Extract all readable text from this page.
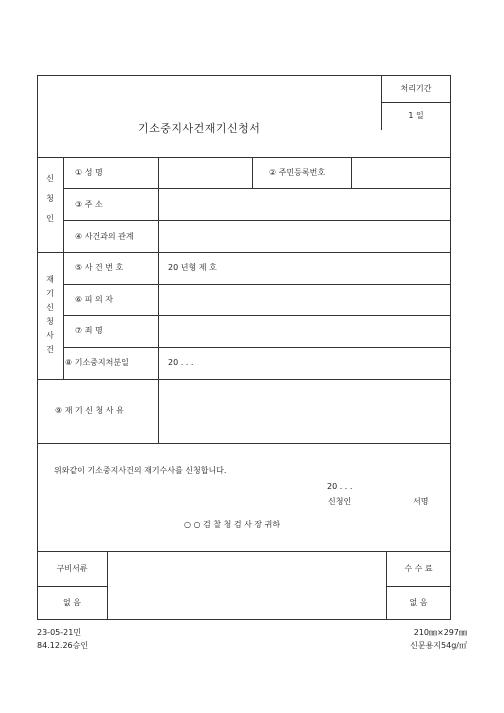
처리기간
1 일
기소중지사건재기신청서
신
청
인
① 성 명	② 주민등록번호
③ 주 소
④ 사건과의 관계
재
기
신
청
사
건
⑤ 사 건 번 호	20 년형 제 호
⑥ 피 의 자
⑦ 죄 명
⑧ 기소중지처분일	20 . . .
⑨ 재 기 신 청 사 유
위와같이 기소중지사건의 재기수사를 신청합니다.
20 . . .
신청인	서명
○ ○ 검 찰 청 검 사 장 귀하
구비서류
없 음
수 수 료
없 음
23-05-21민
84.12.26승인
210㎜×297㎜
신문용지54g/㎡
